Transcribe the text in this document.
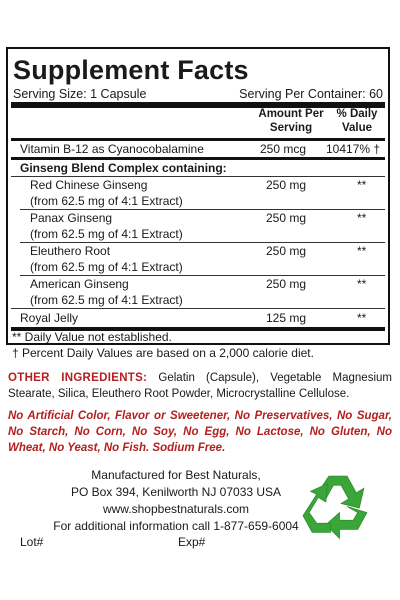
Supplement Facts
Serving Size: 1 Capsule	Serving Per Container: 60
Amount Per Serving
% Daily Value
Vitamin B-12 as Cyanocobalamine	250 mcg 10417% †
Ginseng Blend Complex containing:
Red Chinese Ginseng
(from 62.5 mg of 4:1 Extract)
250 mg	**
Panax Ginseng
(from 62.5 mg of 4:1 Extract)
250 mg	**
Eleuthero Root
(from 62.5 mg of 4:1 Extract)
250 mg	**
American Ginseng
(from 62.5 mg of 4:1 Extract)
250 mg	**
Royal Jelly	125 mg	**
** Daily Value not established.
† Percent Daily Values are based on a 2,000 calorie diet.
OTHER INGREDIENTS: Gelatin (Capsule), Vegetable Magnesium Stearate, Silica, Eleuthero Root Powder, Microcrystalline Cellulose.
No Artificial Color, Flavor or Sweetener, No Preservatives, No Sugar, No Starch, No Corn, No Soy, No Egg, No Lactose, No Gluten, No Wheat, No Yeast, No Fish. Sodium Free.
Manufactured for Best Naturals,
PO Box 394, Kenilworth NJ 07033 USA
www.shopbestnaturals.com
For additional information call 1-877-659-6004
Lot#	Exp#
